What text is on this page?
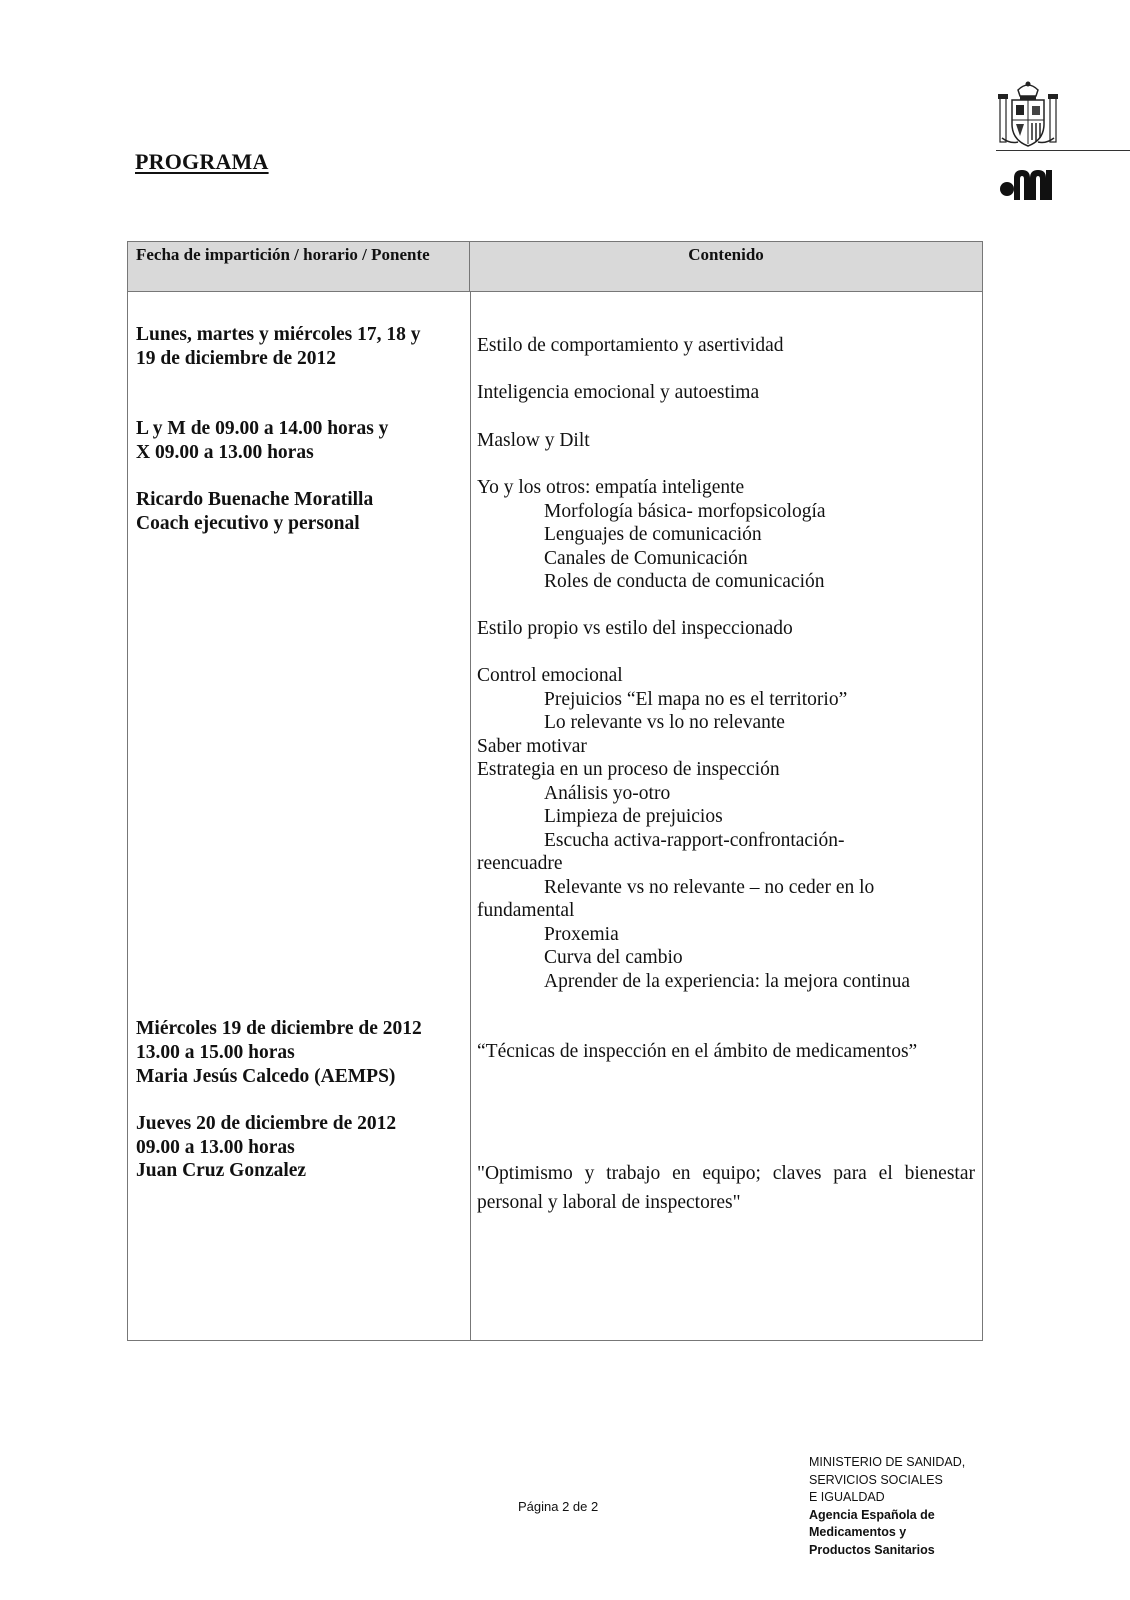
PROGRAMA
Fecha de impartición / horario / Ponente	Contenido
Lunes, martes y miércoles 17, 18 y
19 de diciembre de 2012
L y M de 09.00 a 14.00 horas y
X 09.00 a 13.00 horas
Ricardo Buenache Moratilla
Coach ejecutivo y personal
Miércoles 19 de diciembre de 2012
13.00 a 15.00 horas
Maria Jesús Calcedo (AEMPS)
Jueves 20 de diciembre de 2012
09.00 a 13.00 horas
Juan Cruz Gonzalez
Estilo de comportamiento y asertividad
Inteligencia emocional y autoestima
Maslow y Dilt
Yo y los otros: empatía inteligente
Morfología básica- morfopsicología
Lenguajes de comunicación
Canales de Comunicación
Roles de conducta de comunicación
Estilo propio vs estilo del inspeccionado
Control emocional
Prejuicios “El mapa no es el territorio”
Lo relevante vs lo no relevante
Saber motivar
Estrategia en un proceso de inspección
Análisis yo-otro
Limpieza de prejuicios
Escucha activa-rapport-confrontación-
reencuadre
Relevante vs no relevante – no ceder en lo
fundamental
Proxemia
Curva del cambio
Aprender de la experiencia: la mejora continua
“Técnicas de inspección en el ámbito de medicamentos”
"Optimismo y trabajo en equipo; claves para el bienestar personal y laboral de inspectores"
Página 2 de 2
MINISTERIO DE SANIDAD,
SERVICIOS SOCIALES
E IGUALDAD
Agencia Española de
Medicamentos y
Productos Sanitarios
